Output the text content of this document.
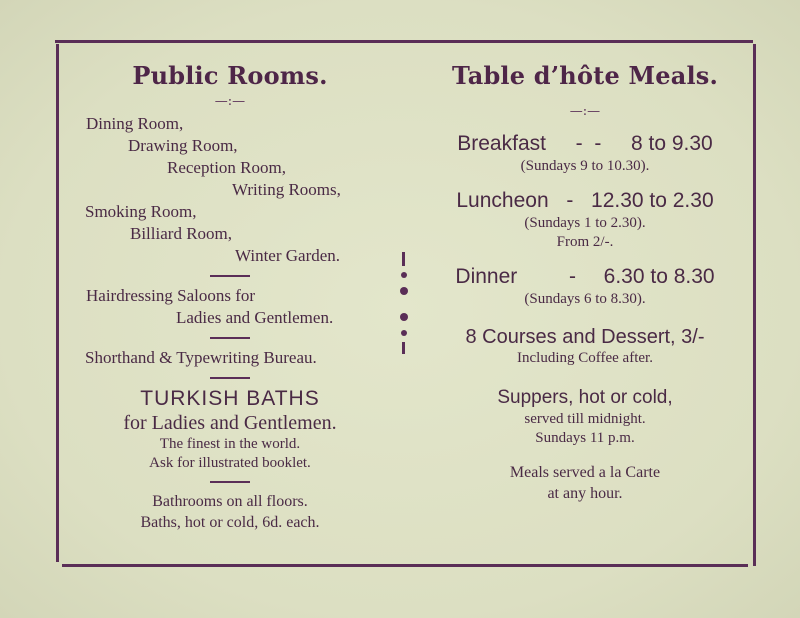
Public Rooms.
—:—
Dining Room,
Drawing Room,
Reception Room,
Writing Rooms,
Smoking Room,
Billiard Room,
Winter Garden.
Hairdressing Saloons for
Ladies and Gentlemen.
Shorthand & Typewriting Bureau.
TURKISH BATHS
for Ladies and Gentlemen.
The finest in the world.
Ask for illustrated booklet.
Bathrooms on all floors.
Baths, hot or cold, 6d. each.
Table d’hôte Meals.
—:—
Breakfast -  - 8 to 9.30
(Sundays 9 to 10.30).
Luncheon - 12.30 to 2.30
(Sundays 1 to 2.30).
From 2/-.
Dinner - 6.30 to 8.30
(Sundays 6 to 8.30).
8 Courses and Dessert, 3/-
Including Coffee after.
Suppers, hot or cold,
served till midnight.
Sundays 11 p.m.
Meals served a la Carte
at any hour.
